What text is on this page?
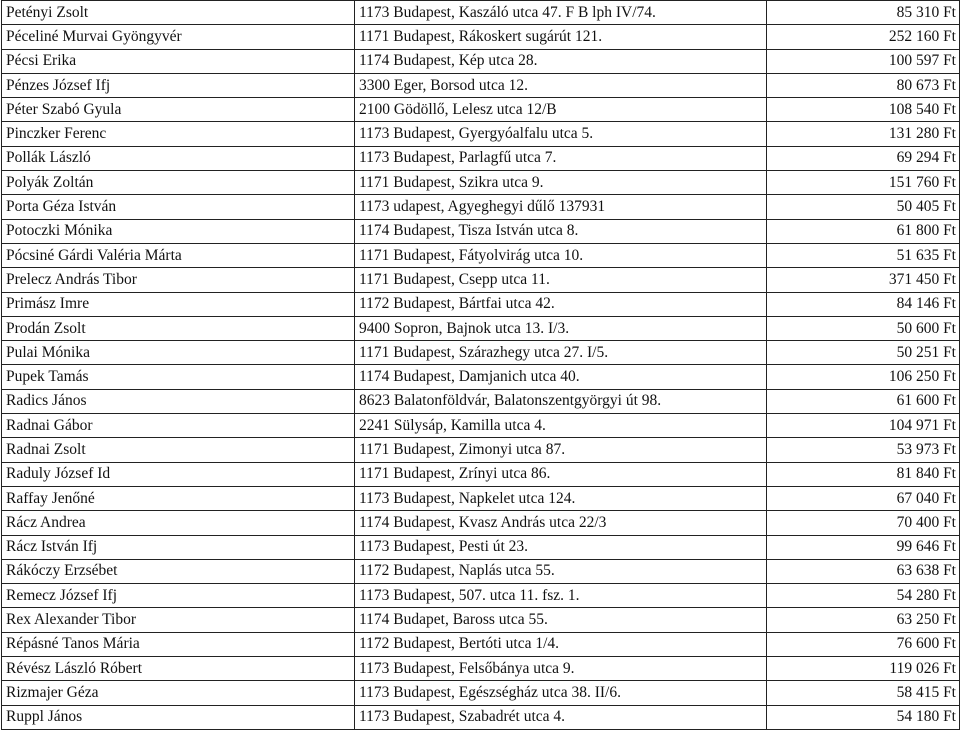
Petényi Zsolt	1173 Budapest, Kaszáló utca 47. F B lph IV/74.	85 310 Ft
Péceliné Murvai Gyöngyvér	1171 Budapest, Rákoskert sugárút 121.	252 160 Ft
Pécsi Erika	1174 Budapest, Kép utca 28.	100 597 Ft
Pénzes József Ifj	3300 Eger, Borsod utca 12.	80 673 Ft
Péter Szabó Gyula	2100 Gödöllő, Lelesz utca 12/B	108 540 Ft
Pinczker Ferenc	1173 Budapest, Gyergyóalfalu utca 5.	131 280 Ft
Pollák László	1173 Budapest, Parlagfű utca 7.	69 294 Ft
Polyák Zoltán	1171 Budapest, Szikra utca 9.	151 760 Ft
Porta Géza István	1173 udapest, Agyeghegyi dűlő 137931	50 405 Ft
Potoczki Mónika	1174 Budapest, Tisza István utca 8.	61 800 Ft
Pócsiné Gárdi Valéria Márta	1171 Budapest, Fátyolvirág utca 10.	51 635 Ft
Prelecz András Tibor	1171 Budapest, Csepp utca 11.	371 450 Ft
Primász Imre	1172 Budapest, Bártfai utca 42.	84 146 Ft
Prodán Zsolt	9400 Sopron, Bajnok utca 13. I/3.	50 600 Ft
Pulai Mónika	1171 Budapest, Szárazhegy utca 27. I/5.	50 251 Ft
Pupek Tamás	1174 Budapest, Damjanich utca 40.	106 250 Ft
Radics János	8623 Balatonföldvár, Balatonszentgyörgyi út 98.	61 600 Ft
Radnai Gábor	2241 Sülysáp, Kamilla utca 4.	104 971 Ft
Radnai Zsolt	1171 Budapest, Zimonyi utca 87.	53 973 Ft
Raduly József Id	1171 Budapest, Zrínyi utca 86.	81 840 Ft
Raffay Jenőné	1173 Budapest, Napkelet utca 124.	67 040 Ft
Rácz Andrea	1174 Budapest, Kvasz András utca 22/3	70 400 Ft
Rácz István Ifj	1173 Budapest, Pesti út 23.	99 646 Ft
Rákóczy Erzsébet	1172 Budapest, Naplás utca 55.	63 638 Ft
Remecz József Ifj	1173 Budapest, 507. utca 11. fsz. 1.	54 280 Ft
Rex Alexander Tibor	1174 Budapet, Baross utca 55.	63 250 Ft
Répásné Tanos Mária	1172 Budapest, Bertóti utca 1/4.	76 600 Ft
Révész László Róbert	1173 Budapest, Felsőbánya utca 9.	119 026 Ft
Rizmajer Géza	1173 Budapest, Egészségház utca 38. II/6.	58 415 Ft
Ruppl János	1173 Budapest, Szabadrét utca 4.	54 180 Ft
